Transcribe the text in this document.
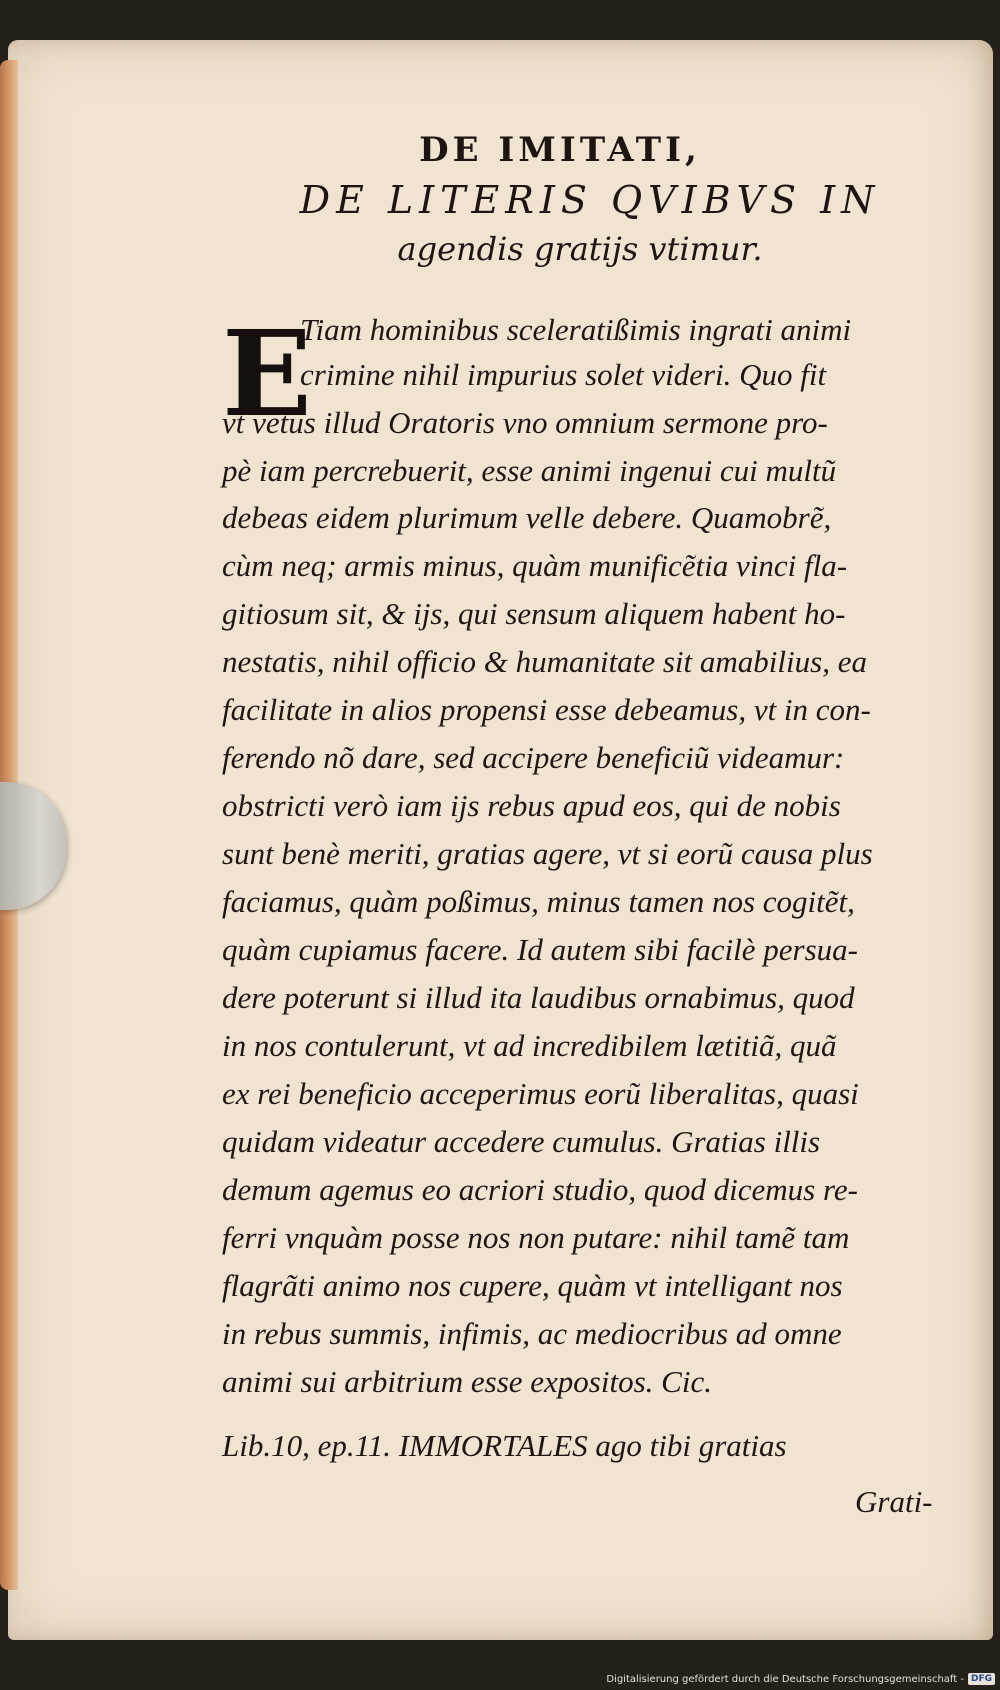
DE IMITATI,
DE LITERIS QVIBVS IN
agendis gratijs vtimur.
E
Tiam hominibus sceleratißimis ingrati animi
crimine nihil impurius solet videri. Quo fit
vt vetus illud Oratoris vno omnium sermone pro-
pè iam percrebuerit, esse animi ingenui cui multũ
debeas eidem plurimum velle debere. Quamobrẽ,
cùm neq; armis minus, quàm munificẽtia vinci fla-
gitiosum sit, & ijs, qui sensum aliquem habent ho-
nestatis, nihil officio & humanitate sit amabilius, ea
facilitate in alios propensi esse debeamus, vt in con-
ferendo nõ dare, sed accipere beneficiũ videamur:
obstricti verò iam ijs rebus apud eos, qui de nobis
sunt benè meriti, gratias agere, vt si eorũ causa plus
faciamus, quàm poßimus, minus tamen nos cogitẽt,
quàm cupiamus facere. Id autem sibi facilè persua-
dere poterunt si illud ita laudibus ornabimus, quod
in nos contulerunt, vt ad incredibilem lætitiã, quã
ex rei beneficio acceperimus eorũ liberalitas, quasi
quidam videatur accedere cumulus. Gratias illis
demum agemus eo acriori studio, quod dicemus re-
ferri vnquàm posse nos non putare: nihil tamẽ tam
flagrãti animo nos cupere, quàm vt intelligant nos
in rebus summis, infimis, ac mediocribus ad omne
animi sui arbitrium esse expositos. Cic.
Lib.10, ep.11. IMMORTALES ago tibi gratias
Grati-
Digitalisierung gefördert durch die Deutsche Forschungsgemeinschaft - DFG
